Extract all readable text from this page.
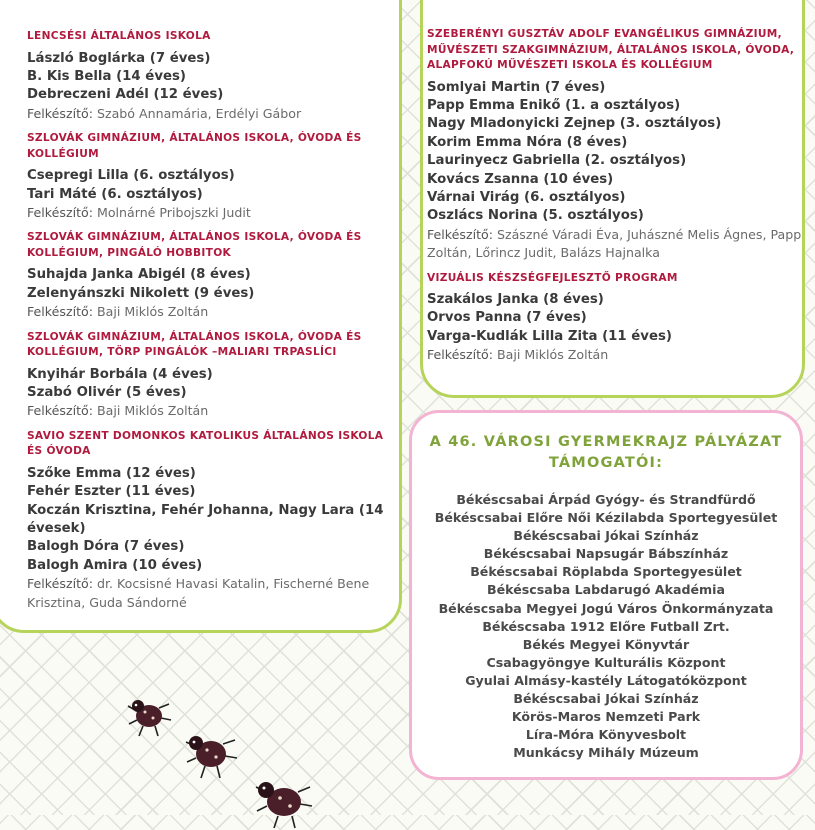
LENCSÉSI ÁLTALÁNOS ISKOLA
László Boglárka (7 éves)
B. Kis Bella (14 éves)
Debreczeni Adél (12 éves)
Felkészítő: Szabó Annamária, Erdélyi Gábor
SZLOVÁK GIMNÁZIUM, ÁLTALÁNOS ISKOLA, ÓVODA ÉS KOLLÉGIUM
Csepregi Lilla (6. osztályos)
Tari Máté (6. osztályos)
Felkészítő: Molnárné Pribojszki Judit
SZLOVÁK GIMNÁZIUM, ÁLTALÁNOS ISKOLA, ÓVODA ÉS KOLLÉGIUM, PINGÁLÓ HOBBITOK
Suhajda Janka Abigél (8 éves)
Zelenyánszki Nikolett (9 éves)
Felkészítő: Baji Miklós Zoltán
SZLOVÁK GIMNÁZIUM, ÁLTALÁNOS ISKOLA, ÓVODA ÉS KOLLÉGIUM, TÖRP PINGÁLÓK –MALIARI TRPASLÍCI
Knyihár Borbála (4 éves)
Szabó Olivér (5 éves)
Felkészítő: Baji Miklós Zoltán
SAVIO SZENT DOMONKOS KATOLIKUS ÁLTALÁNOS ISKOLA ÉS ÓVODA
Szőke Emma (12 éves)
Fehér Eszter (11 éves)
Koczán Krisztina, Fehér Johanna, Nagy Lara (14 évesek)
Balogh Dóra (7 éves)
Balogh Amira (10 éves)
Felkészítő: dr. Kocsisné Havasi Katalin, Fischerné Bene Krisztina, Guda Sándorné
SZEBERÉNYI GUSZTÁV ADOLF EVANGÉLIKUS GIMNÁZIUM, MŰVÉSZETI SZAKGIMNÁZIUM, ÁLTALÁNOS ISKOLA, ÓVODA, ALAPFOKÚ MŰVÉSZETI ISKOLA ÉS KOLLÉGIUM
Somlyai Martin (7 éves)
Papp Emma Enikő (1. a osztályos)
Nagy Mladonyicki Zejnep (3. osztályos)
Korim Emma Nóra (8 éves)
Laurinyecz Gabriella (2. osztályos)
Kovács Zsanna (10 éves)
Várnai Virág (6. osztályos)
Oszlács Norina (5. osztályos)
Felkészítő: Szászné Váradi Éva, Juhászné Melis Ágnes, Papp Zoltán, Lőrincz Judit, Balázs Hajnalka
VIZUÁLIS KÉSZSÉGFEJLESZTŐ PROGRAM
Szakálos Janka (8 éves)
Orvos Panna (7 éves)
Varga-Kudlák Lilla Zita (11 éves)
Felkészítő: Baji Miklós Zoltán
A 46. VÁROSI GYERMEKRAJZ PÁLYÁZAT TÁMOGATÓI:
Békéscsabai Árpád Gyógy- és Strandfürdő
Békéscsabai Előre Női Kézilabda Sportegyesület
Békéscsabai Jókai Színház
Békéscsabai Napsugár Bábszínház
Békéscsabai Röplabda Sportegyesület
Békéscsaba Labdarugó Akadémia
Békéscsaba Megyei Jogú Város Önkormányzata
Békéscsaba 1912 Előre Futball Zrt.
Békés Megyei Könyvtár
Csabagyöngye Kulturális Központ
Gyulai Almásy-kastély Látogatóközpont
Békéscsabai Jókai Színház
Körös-Maros Nemzeti Park
Líra-Móra Könyvesbolt
Munkácsy Mihály Múzeum
